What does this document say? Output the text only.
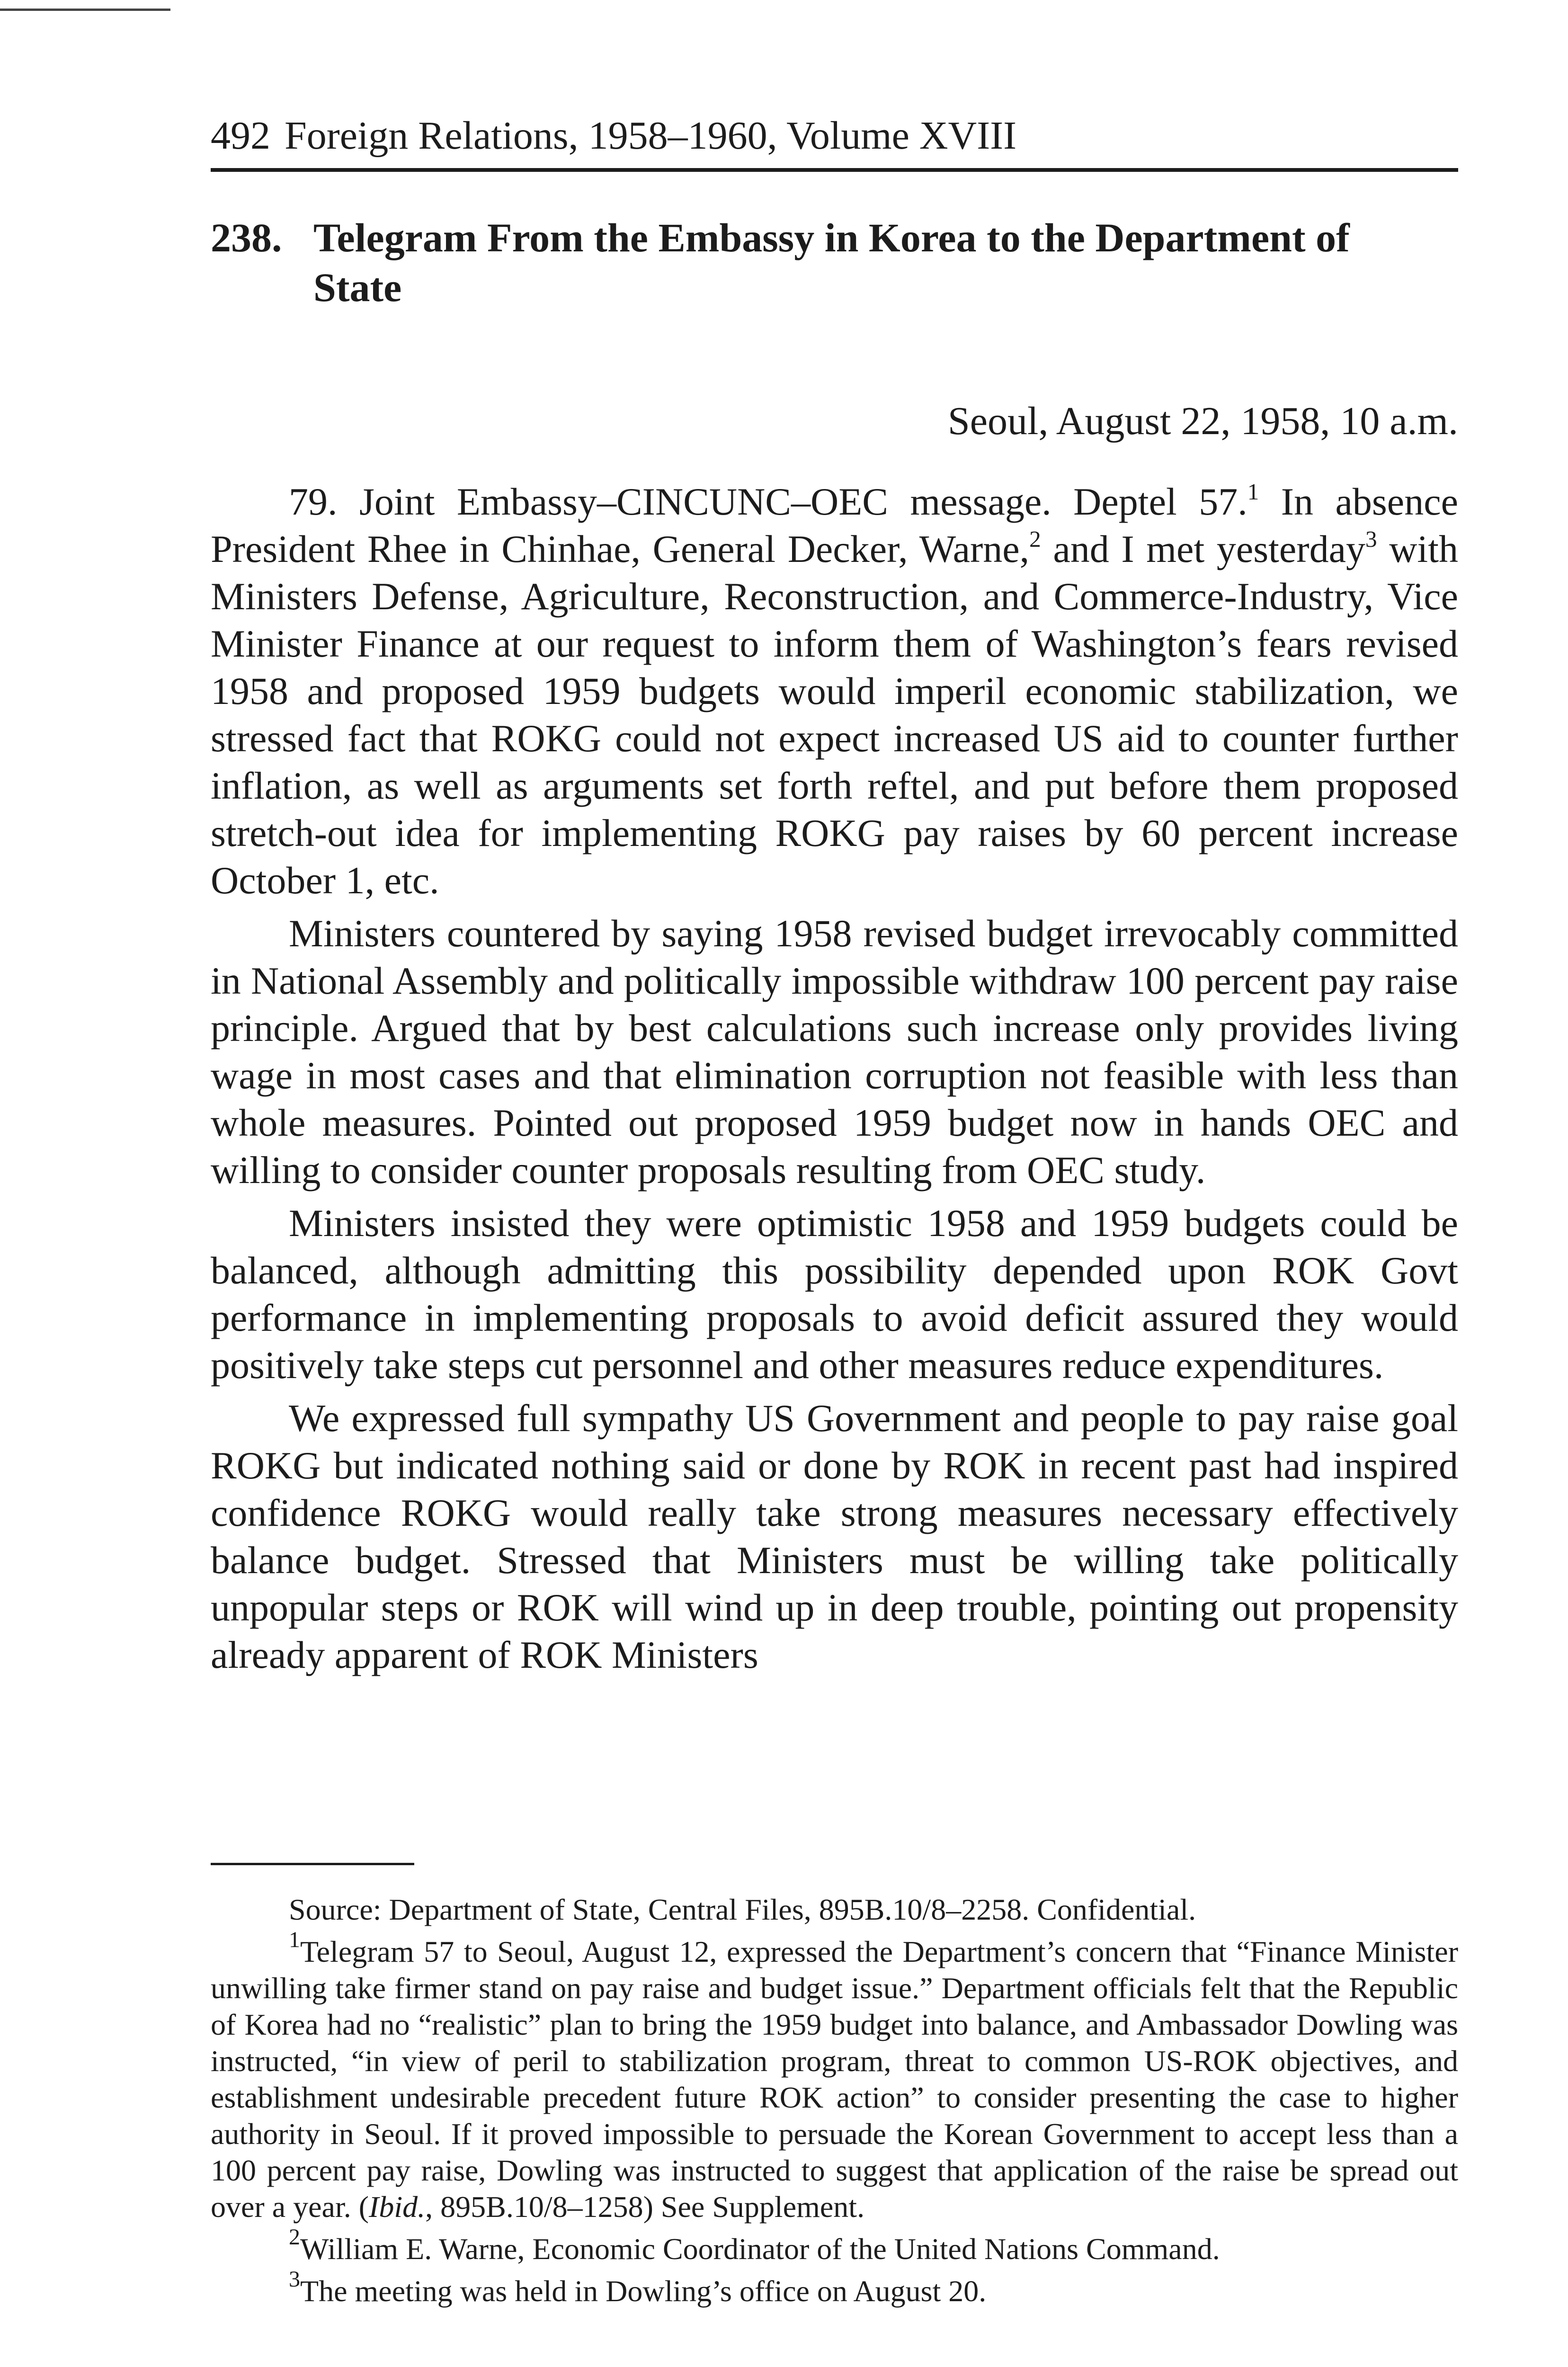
492 Foreign Relations, 1958–1960, Volume XVIII
238. Telegram From the Embassy in Korea to the Department of State
Seoul, August 22, 1958, 10 a.m.

79. Joint Embassy–CINCUNC–OEC message. Deptel 57.$^1$ In absence President Rhee in Chinhae, General Decker, Warne,$^2$ and I met yesterday$^3$ with Ministers Defense, Agriculture, Reconstruction, and Commerce-Industry, Vice Minister Finance at our request to inform them of Washington’s fears revised 1958 and proposed 1959 budgets would imperil economic stabilization, we stressed fact that ROKG could not expect increased US aid to counter further inflation, as well as arguments set forth reftel, and put before them proposed stretch-out idea for implementing ROKG pay raises by 60 percent increase October 1, etc.

Ministers countered by saying 1958 revised budget irrevocably committed in National Assembly and politically impossible withdraw 100 percent pay raise principle. Argued that by best calculations such increase only provides living wage in most cases and that elimination corruption not feasible with less than whole measures. Pointed out proposed 1959 budget now in hands OEC and willing to consider counter proposals resulting from OEC study.

Ministers insisted they were optimistic 1958 and 1959 budgets could be balanced, although admitting this possibility depended upon ROK Govt performance in implementing proposals to avoid deficit assured they would positively take steps cut personnel and other measures reduce expenditures.

We expressed full sympathy US Government and people to pay raise goal ROKG but indicated nothing said or done by ROK in recent past had inspired confidence ROKG would really take strong measures necessary effectively balance budget. Stressed that Ministers must be willing take politically unpopular steps or ROK will wind up in deep trouble, pointing out propensity already apparent of ROK Ministers

Source: Department of State, Central Files, 895B.10/8–2258. Confidential.

$^1$Telegram 57 to Seoul, August 12, expressed the Department’s concern that “Finance Minister unwilling take firmer stand on pay raise and budget issue.” Department officials felt that the Republic of Korea had no “realistic” plan to bring the 1959 budget into balance, and Ambassador Dowling was instructed, “in view of peril to stabilization program, threat to common US-ROK objectives, and establishment undesirable precedent future ROK action” to consider presenting the case to higher authority in Seoul. If it proved impossible to persuade the Korean Government to accept less than a 100 percent pay raise, Dowling was instructed to suggest that application of the raise be spread out over a year. (Ibid., 895B.10/8–1258) See Supplement.

$^2$William E. Warne, Economic Coordinator of the United Nations Command.

$^3$The meeting was held in Dowling’s office on August 20.
